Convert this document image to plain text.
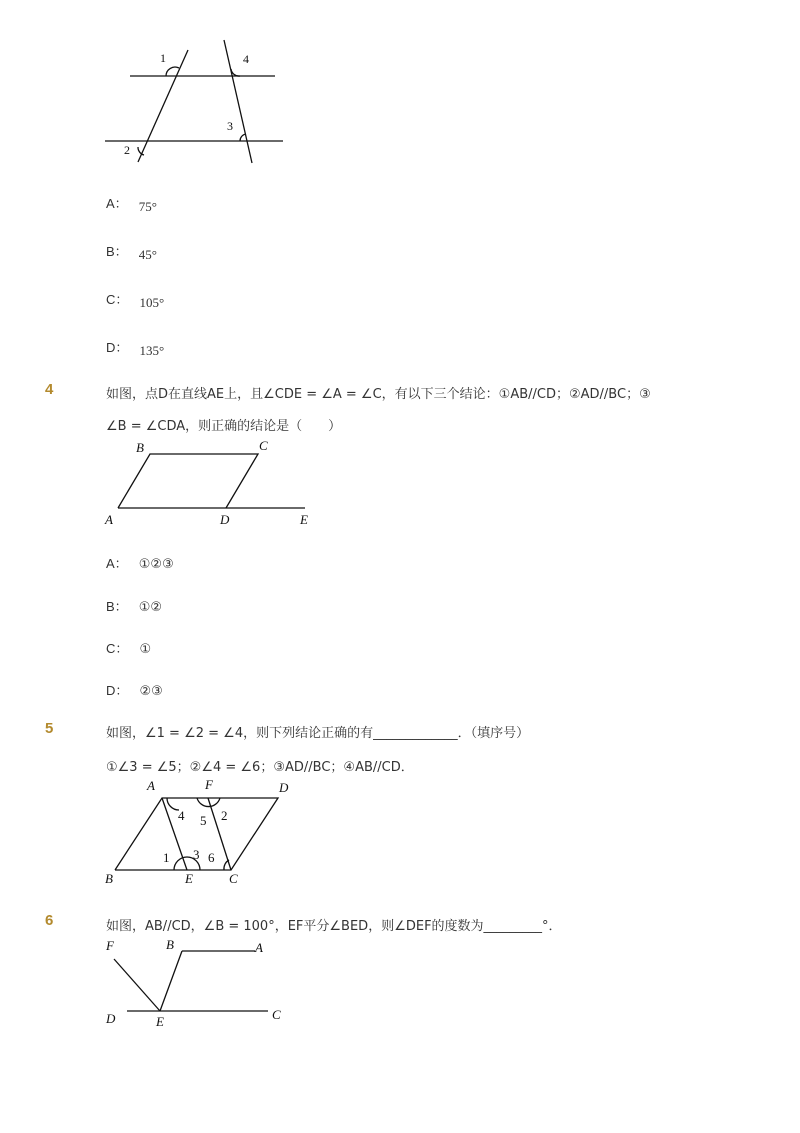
1	4
3
2
A： 75°
B： 45°
C： 105°
D： 135°
4	如图，点D在直线AE上，且∠CDE = ∠A = ∠C，有以下三个结论：①AB//CD；②AD//BC；③
∠B = ∠CDA，则正确的结论是（　　）
B	C
A	D	E
A： ①②③
B： ①②
C： ①
D： ②③
5	如图，∠1 = ∠2 = ∠4，则下列结论正确的有_____________．（填序号）
①∠3 = ∠5；②∠4 = ∠6；③AD//BC；④AB//CD．
A	F	D
4 5 2
1 3 6
B	E	C
6	如图，AB//CD，∠B = 100°，EF平分∠BED，则∠DEF的度数为_________°．
F	B	A
D	E	C
